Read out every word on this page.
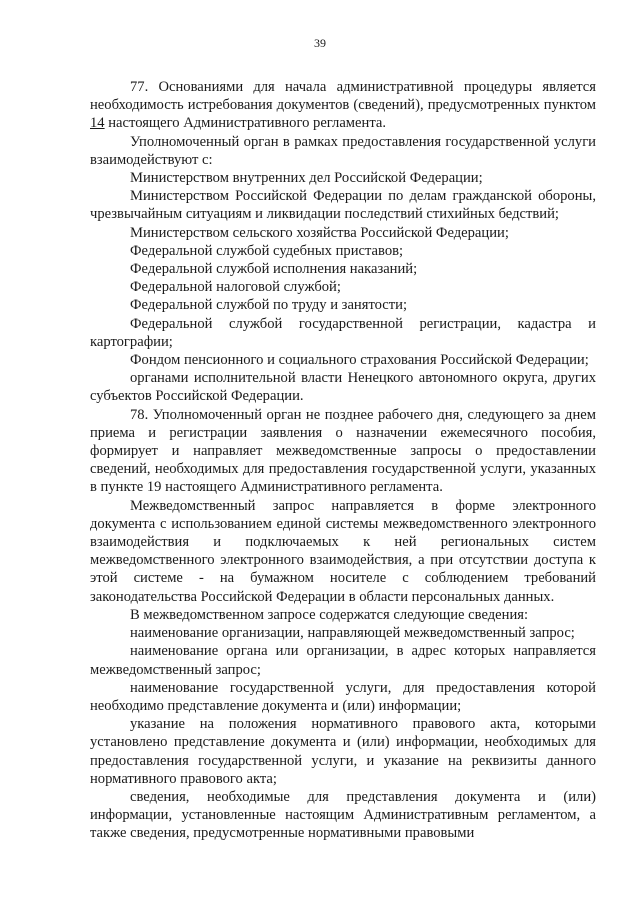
39

77. Основаниями для начала административной процедуры является необходимость истребования документов (сведений), предусмотренных пунктом 14 настоящего Административного регламента.

Уполномоченный орган в рамках предоставления государственной услуги взаимодействуют с:

Министерством внутренних дел Российской Федерации;

Министерством Российской Федерации по делам гражданской обороны, чрезвычайным ситуациям и ликвидации последствий стихийных бедствий;

Министерством сельского хозяйства Российской Федерации;

Федеральной службой судебных приставов;

Федеральной службой исполнения наказаний;

Федеральной налоговой службой;

Федеральной службой по труду и занятости;

Федеральной службой государственной регистрации, кадастра и картографии;

Фондом пенсионного и социального страхования Российской Федерации;

органами исполнительной власти Ненецкого автономного округа, других субъектов Российской Федерации.

78. Уполномоченный орган не позднее рабочего дня, следующего за днем приема и регистрации заявления о назначении ежемесячного пособия, формирует и направляет межведомственные запросы о предоставлении сведений, необходимых для предоставления государственной услуги, указанных в пункте 19 настоящего Административного регламента.

Межведомственный запрос направляется в форме электронного документа с использованием единой системы межведомственного электронного взаимодействия и подключаемых к ней региональных систем межведомственного электронного взаимодействия, а при отсутствии доступа к этой системе - на бумажном носителе с соблюдением требований законодательства Российской Федерации в области персональных данных.

В межведомственном запросе содержатся следующие сведения:

наименование организации, направляющей межведомственный запрос;

наименование органа или организации, в адрес которых направляется межведомственный запрос;

наименование государственной услуги, для предоставления которой необходимо представление документа и (или) информации;

указание на положения нормативного правового акта, которыми установлено представление документа и (или) информации, необходимых для предоставления государственной услуги, и указание на реквизиты данного нормативного правового акта;

сведения, необходимые для представления документа и (или) информации, установленные настоящим Административным регламентом, а также сведения, предусмотренные нормативными правовыми
